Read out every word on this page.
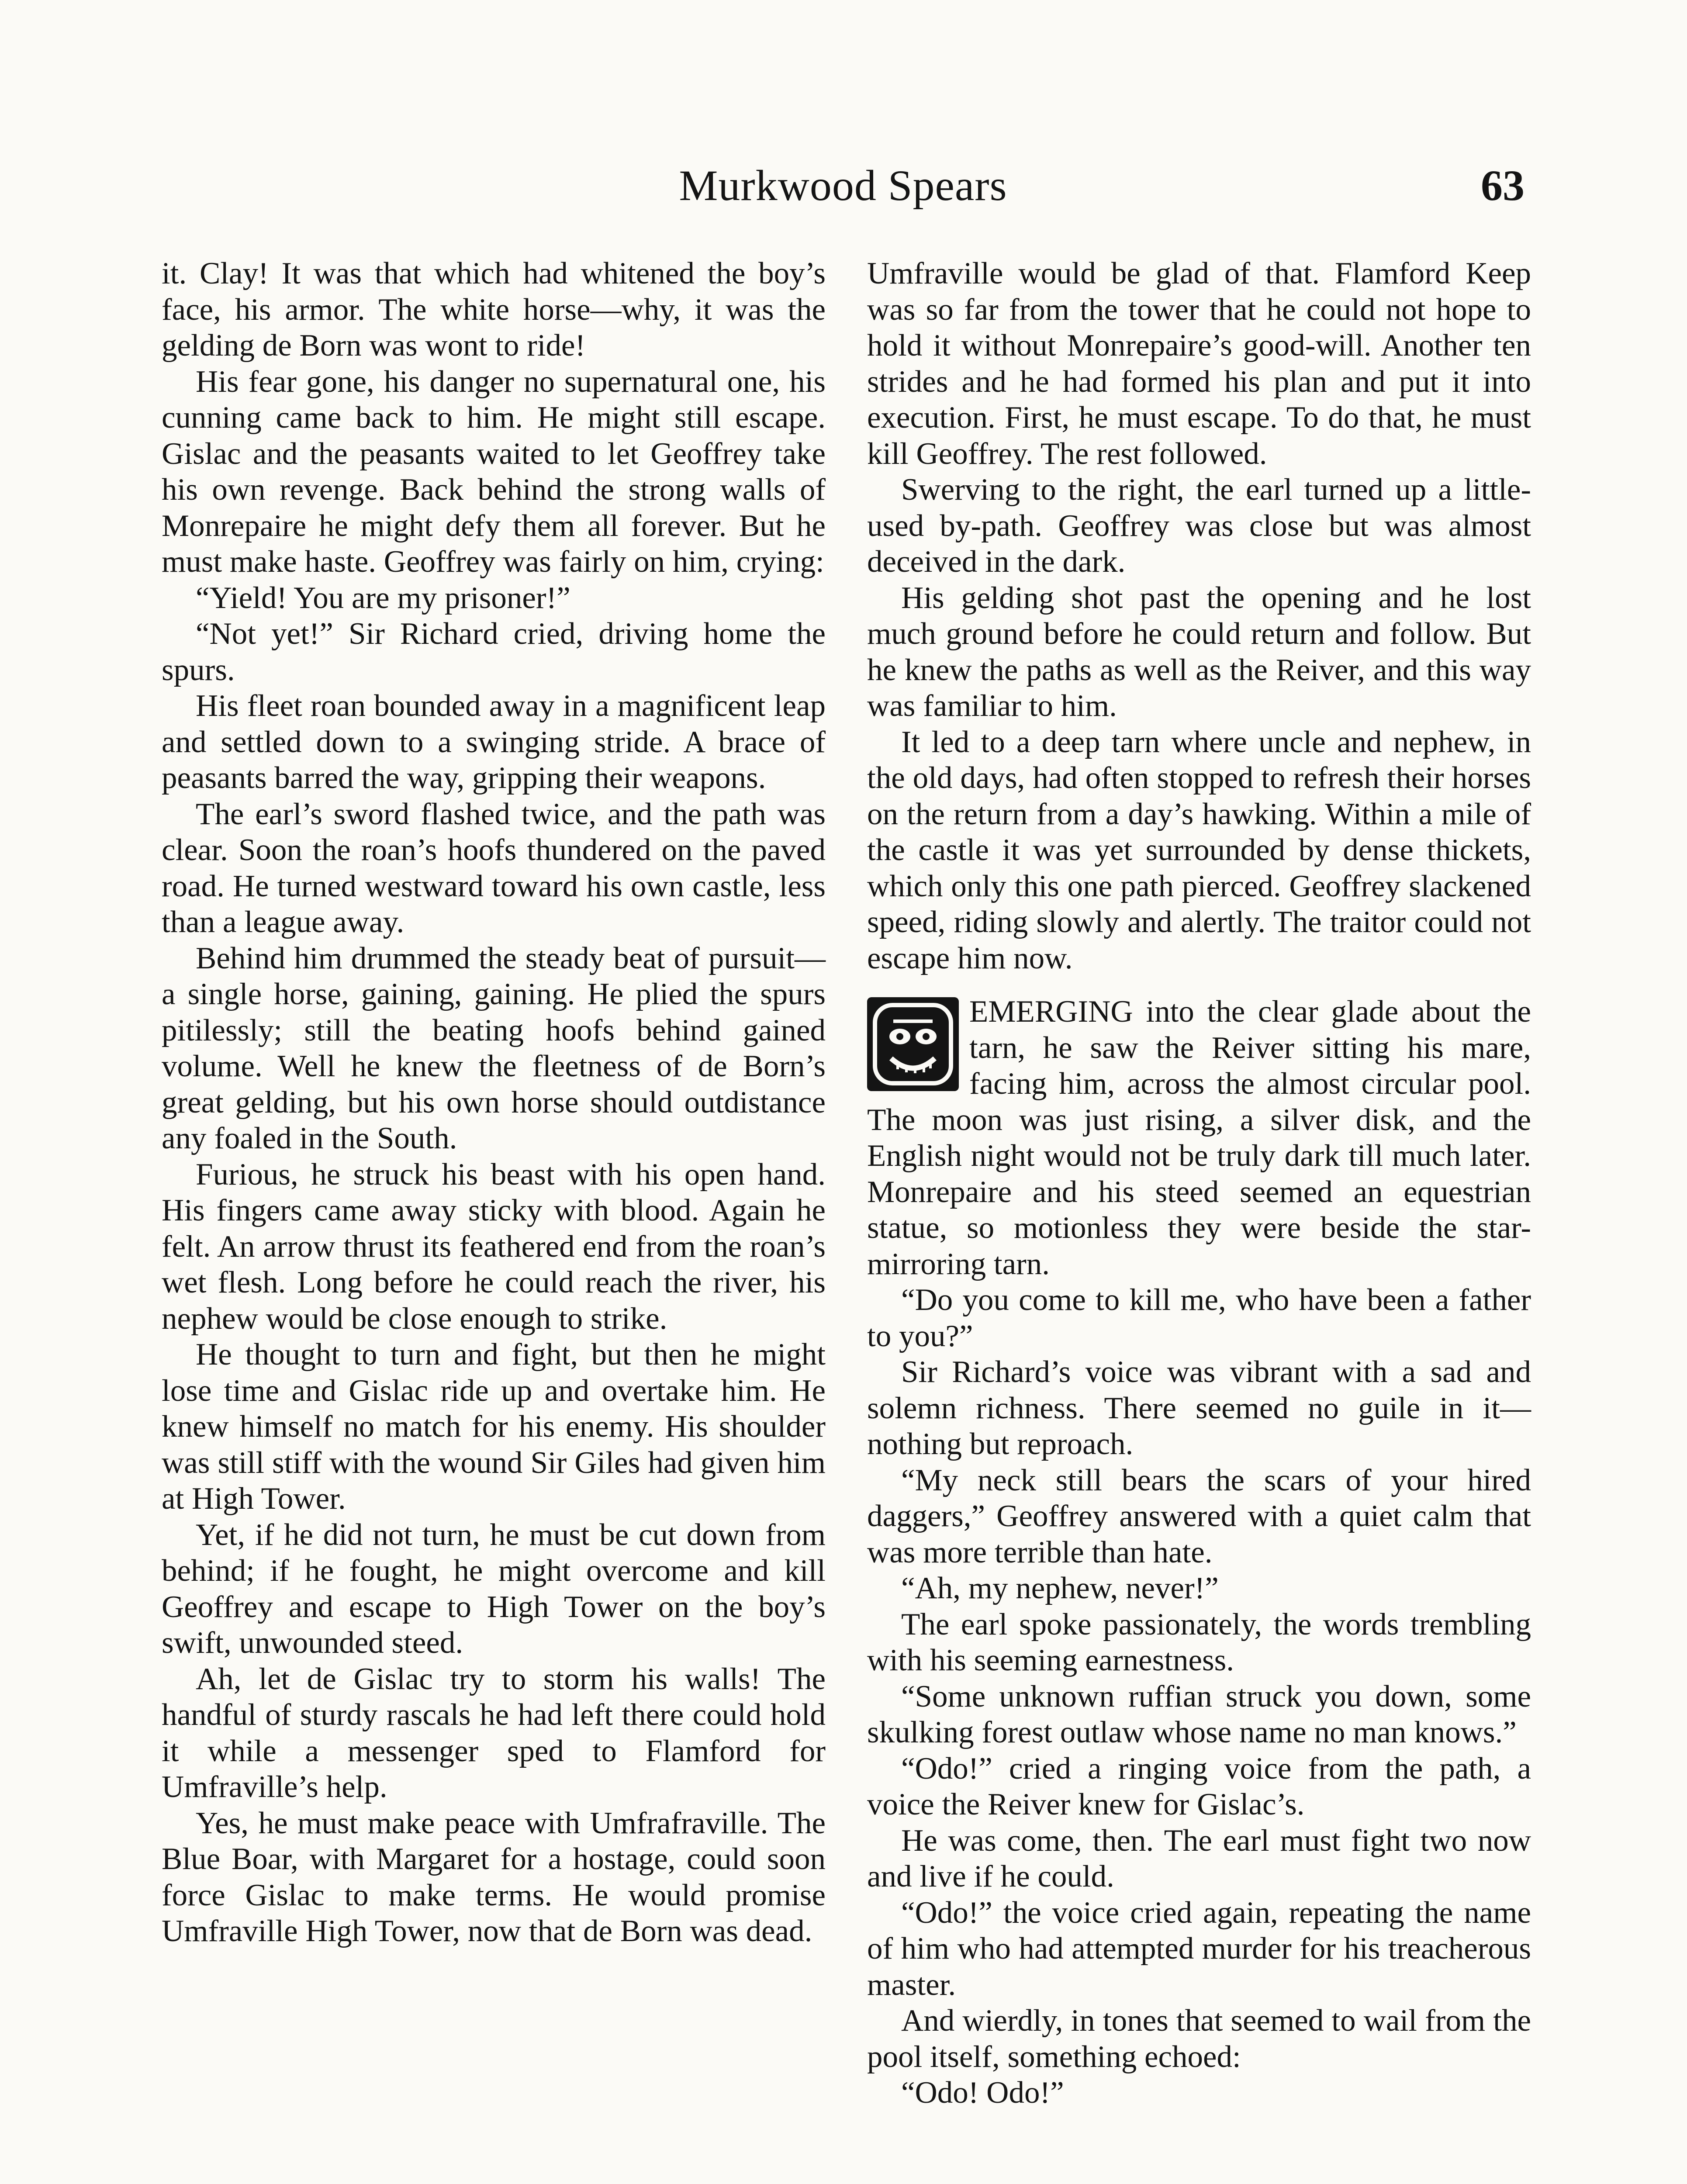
Murkwood Spears	63

it. Clay! It was that which had whitened the boy’s face, his armor. The white horse—why, it was the gelding de Born was wont to ride!

His fear gone, his danger no supernatural one, his cunning came back to him. He might still escape. Gislac and the peasants waited to let Geoffrey take his own revenge. Back behind the strong walls of Monrepaire he might defy them all forever. But he must make haste. Geoffrey was fairly on him, crying:

“Yield! You are my prisoner!”

“Not yet!” Sir Richard cried, driving home the spurs.

His fleet roan bounded away in a magnificent leap and settled down to a swinging stride. A brace of peasants barred the way, gripping their weapons.

The earl’s sword flashed twice, and the path was clear. Soon the roan’s hoofs thundered on the paved road. He turned westward toward his own castle, less than a league away.

Behind him drummed the steady beat of pursuit—a single horse, gaining, gaining. He plied the spurs pitilessly; still the beating hoofs behind gained volume. Well he knew the fleetness of de Born’s great gelding, but his own horse should outdistance any foaled in the South.

Furious, he struck his beast with his open hand. His fingers came away sticky with blood. Again he felt. An arrow thrust its feathered end from the roan’s wet flesh. Long before he could reach the river, his nephew would be close enough to strike.

He thought to turn and fight, but then he might lose time and Gislac ride up and overtake him. He knew himself no match for his enemy. His shoulder was still stiff with the wound Sir Giles had given him at High Tower.

Yet, if he did not turn, he must be cut down from behind; if he fought, he might overcome and kill Geoffrey and escape to High Tower on the boy’s swift, unwounded steed.

Ah, let de Gislac try to storm his walls! The handful of sturdy rascals he had left there could hold it while a messenger sped to Flamford for Umfraville’s help.

Yes, he must make peace with Umfrafraville. The Blue Boar, with Margaret for a hostage, could soon force Gislac to make terms. He would promise Umfraville High Tower, now that de Born was dead.

Umfraville would be glad of that. Flamford Keep was so far from the tower that he could not hope to hold it without Monrepaire’s good-will. Another ten strides and he had formed his plan and put it into execution. First, he must escape. To do that, he must kill Geoffrey. The rest followed.

Swerving to the right, the earl turned up a little-used by-path. Geoffrey was close but was almost deceived in the dark.

His gelding shot past the opening and he lost much ground before he could return and follow. But he knew the paths as well as the Reiver, and this way was familiar to him.

It led to a deep tarn where uncle and nephew, in the old days, had often stopped to refresh their horses on the return from a day’s hawking. Within a mile of the castle it was yet surrounded by dense thickets, which only this one path pierced. Geoffrey slackened speed, riding slowly and alertly. The traitor could not escape him now.

EMERGING into the clear glade about the tarn, he saw the Reiver sitting his mare, facing him, across the almost circular pool. The moon was just rising, a silver disk, and the English night would not be truly dark till much later. Monrepaire and his steed seemed an equestrian statue, so motionless they were beside the star-mirroring tarn.

“Do you come to kill me, who have been a father to you?”

Sir Richard’s voice was vibrant with a sad and solemn richness. There seemed no guile in it—nothing but reproach.

“My neck still bears the scars of your hired daggers,” Geoffrey answered with a quiet calm that was more terrible than hate.

“Ah, my nephew, never!”

The earl spoke passionately, the words trembling with his seeming earnestness.

“Some unknown ruffian struck you down, some skulking forest outlaw whose name no man knows.”

“Odo!” cried a ringing voice from the path, a voice the Reiver knew for Gislac’s.

He was come, then. The earl must fight two now and live if he could.

“Odo!” the voice cried again, repeating the name of him who had attempted murder for his treacherous master.

And wierdly, in tones that seemed to wail from the pool itself, something echoed:

“Odo! Odo!”
